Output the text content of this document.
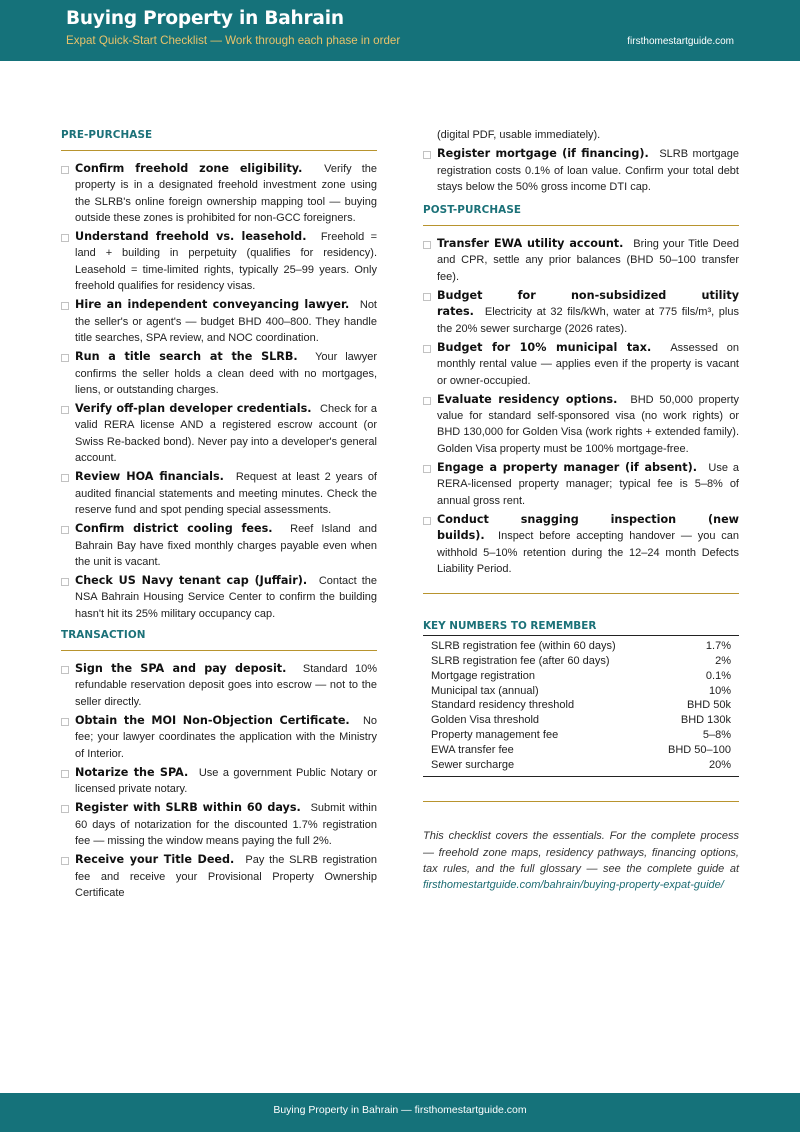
Buying Property in Bahrain
Expat Quick-Start Checklist — Work through each phase in order	firsthomestartguide.com
PRE-PURCHASE
Confirm freehold zone eligibility. Verify the property is in a designated freehold investment zone using the SLRB's online foreign ownership mapping tool — buying outside these zones is prohibited for non-GCC foreigners.
Understand freehold vs. leasehold. Freehold = land + building in perpetuity (qualifies for residency). Leasehold = time-limited rights, typically 25–99 years. Only freehold qualifies for residency visas.
Hire an independent conveyancing lawyer. Not the seller's or agent's — budget BHD 400–800. They handle title searches, SPA review, and NOC coordination.
Run a title search at the SLRB. Your lawyer confirms the seller holds a clean deed with no mortgages, liens, or outstanding charges.
Verify off-plan developer credentials. Check for a valid RERA license AND a registered escrow account (or Swiss Re-backed bond). Never pay into a developer's general account.
Review HOA financials. Request at least 2 years of audited financial statements and meeting minutes. Check the reserve fund and spot pending special assessments.
Confirm district cooling fees. Reef Island and Bahrain Bay have fixed monthly charges payable even when the unit is vacant.
Check US Navy tenant cap (Juffair). Contact the NSA Bahrain Housing Service Center to confirm the building hasn't hit its 25% military occupancy cap.
TRANSACTION
Sign the SPA and pay deposit. Standard 10% refundable reservation deposit goes into escrow — not to the seller directly.
Obtain the MOI Non-Objection Certificate. No fee; your lawyer coordinates the application with the Ministry of Interior.
Notarize the SPA. Use a government Public Notary or licensed private notary.
Register with SLRB within 60 days. Submit within 60 days of notarization for the discounted 1.7% registration fee — missing the window means paying the full 2%.
Receive your Title Deed. Pay the SLRB registration fee and receive your Provisional Property Ownership Certificate
(digital PDF, usable immediately).
Register mortgage (if financing). SLRB mortgage registration costs 0.1% of loan value. Confirm your total debt stays below the 50% gross income DTI cap.
POST-PURCHASE
Transfer EWA utility account. Bring your Title Deed and CPR, settle any prior balances (BHD 50–100 transfer fee).
Budget for non-subsidized utility rates. Electricity at 32 fils/kWh, water at 775 fils/m³, plus the 20% sewer surcharge (2026 rates).
Budget for 10% municipal tax. Assessed on monthly rental value — applies even if the property is vacant or owner-occupied.
Evaluate residency options. BHD 50,000 property value for standard self-sponsored visa (no work rights) or BHD 130,000 for Golden Visa (work rights + extended family). Golden Visa property must be 100% mortgage-free.
Engage a property manager (if absent). Use a RERA-licensed property manager; typical fee is 5–8% of annual gross rent.
Conduct snagging inspection (new builds). Inspect before accepting handover — you can withhold 5–10% retention during the 12–24 month Defects Liability Period.
KEY NUMBERS TO REMEMBER
SLRB registration fee (within 60 days)	1.7%
SLRB registration fee (after 60 days)	2%
Mortgage registration	0.1%
Municipal tax (annual)	10%
Standard residency threshold	BHD 50k
Golden Visa threshold	BHD 130k
Property management fee	5–8%
EWA transfer fee	BHD 50–100
Sewer surcharge	20%

This checklist covers the essentials. For the complete process — freehold zone maps, residency pathways, financing options, tax rules, and the full glossary — see the complete guide at firsthomestartguide.com/bahrain/buying-property-expat-guide/

Buying Property in Bahrain — firsthomestartguide.com
